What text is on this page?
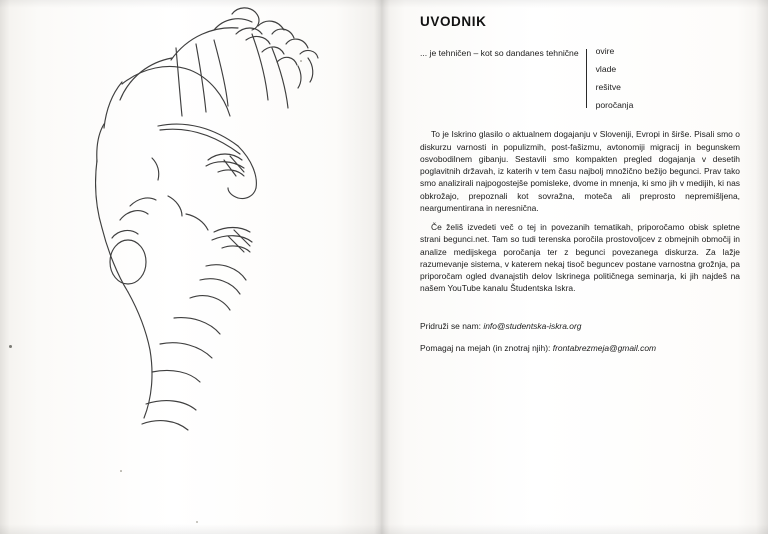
UVODNIK
... je tehničen – kot so dandanes tehnične ovire
vlade
rešitve
poročanja

To je Iskrino glasilo o aktualnem dogajanju v Sloveniji, Evropi in širše. Pisali smo o diskurzu varnosti in populizmih, post-fašizmu, avtonomiji migracij in begunskem osvobodilnem gibanju. Sestavili smo kompakten pregled dogajanja v desetih poglavitnih državah, iz katerih v tem času najbolj množično bežijo begunci. Prav tako smo analizirali najpogostejše pomisleke, dvome in mnenja, ki smo jih v medijih, ki nas obkrožajo, prepoznali kot sovražna, moteča ali preprosto nepremišljena, neargumentirana in neresnična.

Če želiš izvedeti več o tej in povezanih tematikah, priporočamo obisk spletne strani begunci.net. Tam so tudi terenska poročila prostovoljcev z obmejnih območij in analize medijskega poročanja ter z begunci povezanega diskurza. Za lažje razumevanje sistema, v katerem nekaj tisoč beguncev postane varnostna grožnja, pa priporočam ogled dvanajstih delov Iskrinega političnega seminarja, ki jih najdeš na našem YouTube kanalu Študentska Iskra.

Pridruži se nam: info@studentska-iskra.org

Pomagaj na mejah (in znotraj njih): frontabrezmeja@gmail.com
